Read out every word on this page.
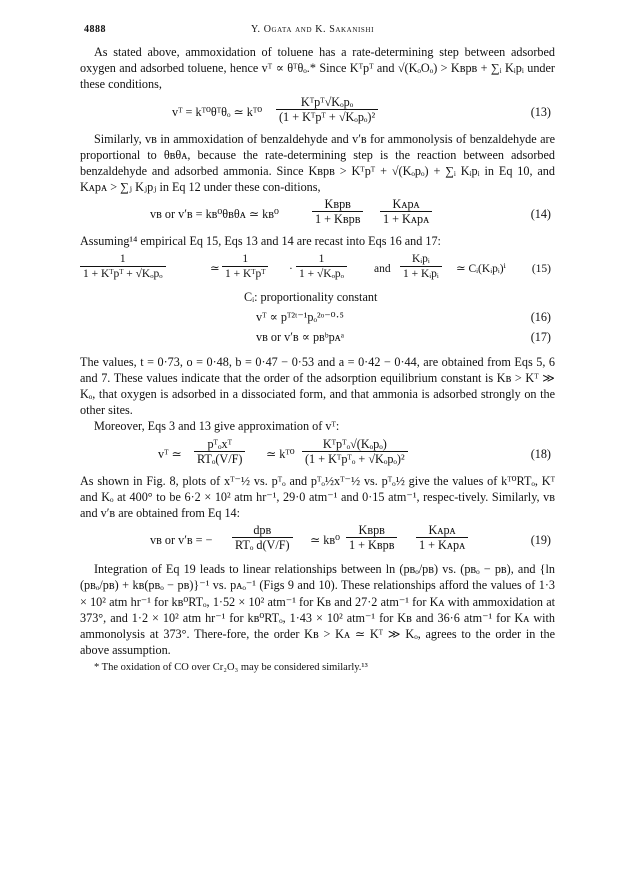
4888	Y. Ogata and K. Sakanishi

As stated above, ammoxidation of toluene has a rate-determining step between adsorbed oxygen and adsorbed toluene, hence vᵀ ∝ θᵀθₒ.* Since Kᵀpᵀ and √(KₒOₒ) > Kʙpʙ + ∑ᵢ Kᵢpᵢ under these conditions,

vᵀ = kᵀ⁰θᵀθₒ ≃ kᵀ⁰
Kᵀpᵀ√Kₒpₒ
(1 + Kᵀpᵀ + √Kₒpₒ)²	(13)

Similarly, vʙ in ammoxidation of benzaldehyde and v′ʙ for ammonolysis of benzaldehyde are proportional to θʙθᴀ, because the rate-determining step is the reaction between adsorbed benzaldehyde and adsorbed ammonia. Since Kʙpʙ > Kᵀpᵀ + √(Kₒpₒ) + ∑ᵢ Kᵢpᵢ in Eq 10, and Kᴀpᴀ > ∑ⱼ Kⱼpⱼ in Eq 12 under these con-ditions,

vʙ or v′ʙ = kʙ⁰θʙθᴀ ≃ kʙ⁰
Kʙpʙ
1 + Kʙpʙ
Kᴀpᴀ
1 + Kᴀpᴀ	(14)

Assuming¹⁴ empirical Eq 15, Eqs 13 and 14 are recast into Eqs 16 and 17:

1
1 + Kᵀpᵀ + √Kₒpₒ	≃
1
1 + Kᵀpᵀ ·
1
1 + √Kₒpₒ	and
Kᵢpᵢ
1 + Kᵢpᵢ ≃ Cᵢ(Kᵢpᵢ)ⁱ (15)
Cᵢ: proportionality constant
vᵀ ∝ pᵀ²ᵗ⁻¹pₒ²ᵒ⁻⁰·⁵	(16)
vʙ or v′ʙ ∝ pʙᵇpᴀᵃ	(17)

The values, t = 0·73, o = 0·48, b = 0·47 − 0·53 and a = 0·42 − 0·44, are obtained from Eqs 5, 6 and 7. These values indicate that the order of the adsorption equilibrium constant is Kʙ > Kᵀ ≫ Kₒ, that oxygen is adsorbed in a dissociated form, and that ammonia is adsorbed strongly on the other sites.

Moreover, Eqs 3 and 13 give approximation of vᵀ:

vᵀ ≃
pᵀₒxᵀ
RTₒ(V/F) ≃ kᵀ⁰
Kᵀpᵀₒ√(Kₒpₒ)
(1 + Kᵀpᵀₒ + √Kₒpₒ)²	(18)

As shown in Fig. 8, plots of xᵀ⁻½ vs. pᵀₒ and pᵀₒ½xᵀ⁻½ vs. pᵀₒ½ give the values of kᵀ⁰RTₒ, Kᵀ and Kₒ at 400° to be 6·2 × 10² atm hr⁻¹, 29·0 atm⁻¹ and 0·15 atm⁻¹, respec-tively. Similarly, vʙ and v′ʙ are obtained from Eq 14:

vʙ or v′ʙ = −
dpʙ
RTₒ d(V/F) ≃ kʙ⁰
Kʙpʙ
1 + Kʙpʙ
Kᴀpᴀ
1 + Kᴀpᴀ	(19)

Integration of Eq 19 leads to linear relationships between ln (pʙₒ/pʙ) vs. (pʙₒ − pʙ), and {ln (pʙₒ/pʙ) + kʙ(pʙₒ − pʙ)}⁻¹ vs. pᴀₒ⁻¹ (Figs 9 and 10). These relationships afford the values of 1·3 × 10² atm hr⁻¹ for kʙ⁰RTₒ, 1·52 × 10² atm⁻¹ for Kʙ and 27·2 atm⁻¹ for Kᴀ with ammoxidation at 373°, and 1·2 × 10² atm hr⁻¹ for kʙ⁰RTₒ, 1·43 × 10² atm⁻¹ for Kʙ and 36·6 atm⁻¹ for Kᴀ with ammonolysis at 373°. There-fore, the order Kʙ > Kᴀ ≃ Kᵀ ≫ Kₒ, agrees to the order in the above assumption.

* The oxidation of CO over Cr₂O₃ may be considered similarly.¹³
